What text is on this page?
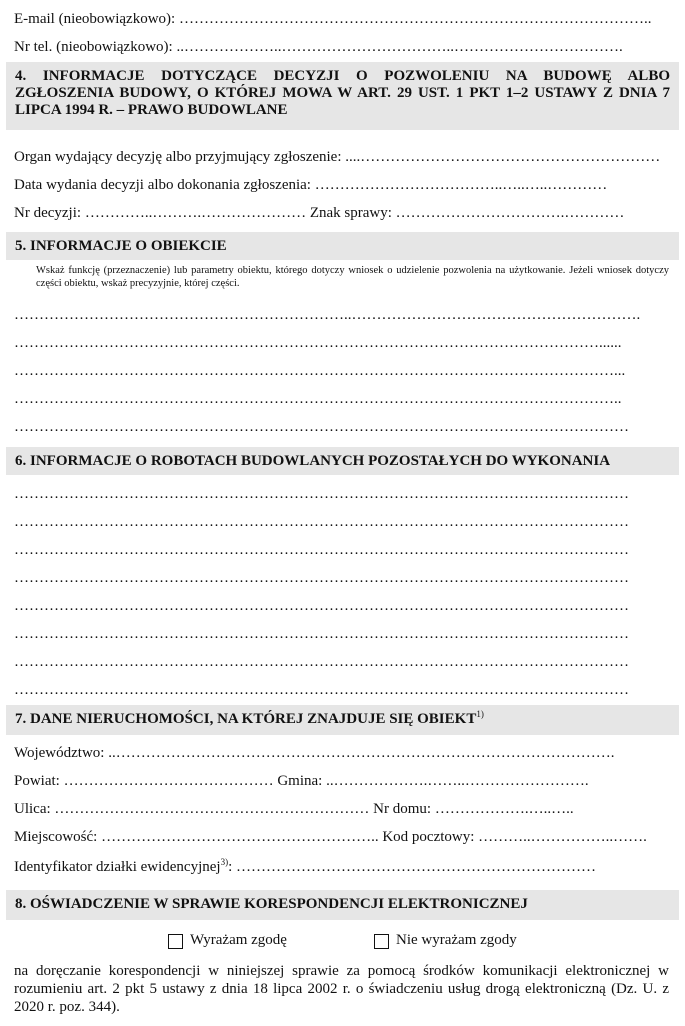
E-mail (nieobowiązkowo): …………………………………………………………………………………..
Nr tel. (nieobowiązkowo): ..………………..……………………………..…………………………….
4. INFORMACJE DOTYCZĄCE DECYZJI O POZWOLENIU NA BUDOWĘ ALBO ZGŁOSZENIA BUDOWY, O KTÓREJ MOWA W ART. 29 UST. 1 PKT 1–2 USTAWY Z DNIA 7 LIPCA 1994 R. – PRAWO BUDOWLANE
Organ wydający decyzję albo przyjmujący zgłoszenie: ....……………………………………………………
Data wydania decyzji albo dokonania zgłoszenia: ………………………………..…..…..…………
Nr decyzji: …………..……….………………… Znak sprawy: …………………………….…………
5. INFORMACJE O OBIEKCIE
Wskaż funkcję (przeznaczenie) lub parametry obiektu, którego dotyczy wniosek o udzielenie pozwolenia na użytkowanie. Jeżeli wniosek dotyczy części obiektu, wskaż precyzyjnie, której części.
…………………………………………………………..………………………………………………….
………………………………………………………………………………………………………......
…………………………………………………………………………………………………………...
…………………………………………………………………………………………………………..
……………………………………………………………………………………………………………
6. INFORMACJE O ROBOTACH BUDOWLANYCH POZOSTAŁYCH DO WYKONANIA
……………………………………………………………………………………………………………
……………………………………………………………………………………………………………
……………………………………………………………………………………………………………
……………………………………………………………………………………………………………
……………………………………………………………………………………………………………
……………………………………………………………………………………………………………
……………………………………………………………………………………………………………
……………………………………………………………………………………………………………
7. DANE NIERUCHOMOŚCI, NA KTÓREJ ZNAJDUJE SIĘ OBIEKT$^{1)}$
Województwo: ..……………………………………………………………………………………….
Powiat: …………………………………… Gmina: ..……………….……..…………………….
Ulica: ……………………………………………………… Nr domu: ……………….…..…..
Miejscowość: ……………………………………………….. Kod pocztowy: ………..……………..…….
Identyfikator działki ewidencyjnej$^{3)}$: ………………………………………………………………
8. OŚWIADCZENIE W SPRAWIE KORESPONDENCJI ELEKTRONICZNEJ
Wyrażam zgodę	Nie wyrażam zgody
na doręczanie korespondencji w niniejszej sprawie za pomocą środków komunikacji elektronicznej w rozumieniu art. 2 pkt 5 ustawy z dnia 18 lipca 2002 r. o świadczeniu usług drogą elektroniczną (Dz. U. z 2020 r. poz. 344).
